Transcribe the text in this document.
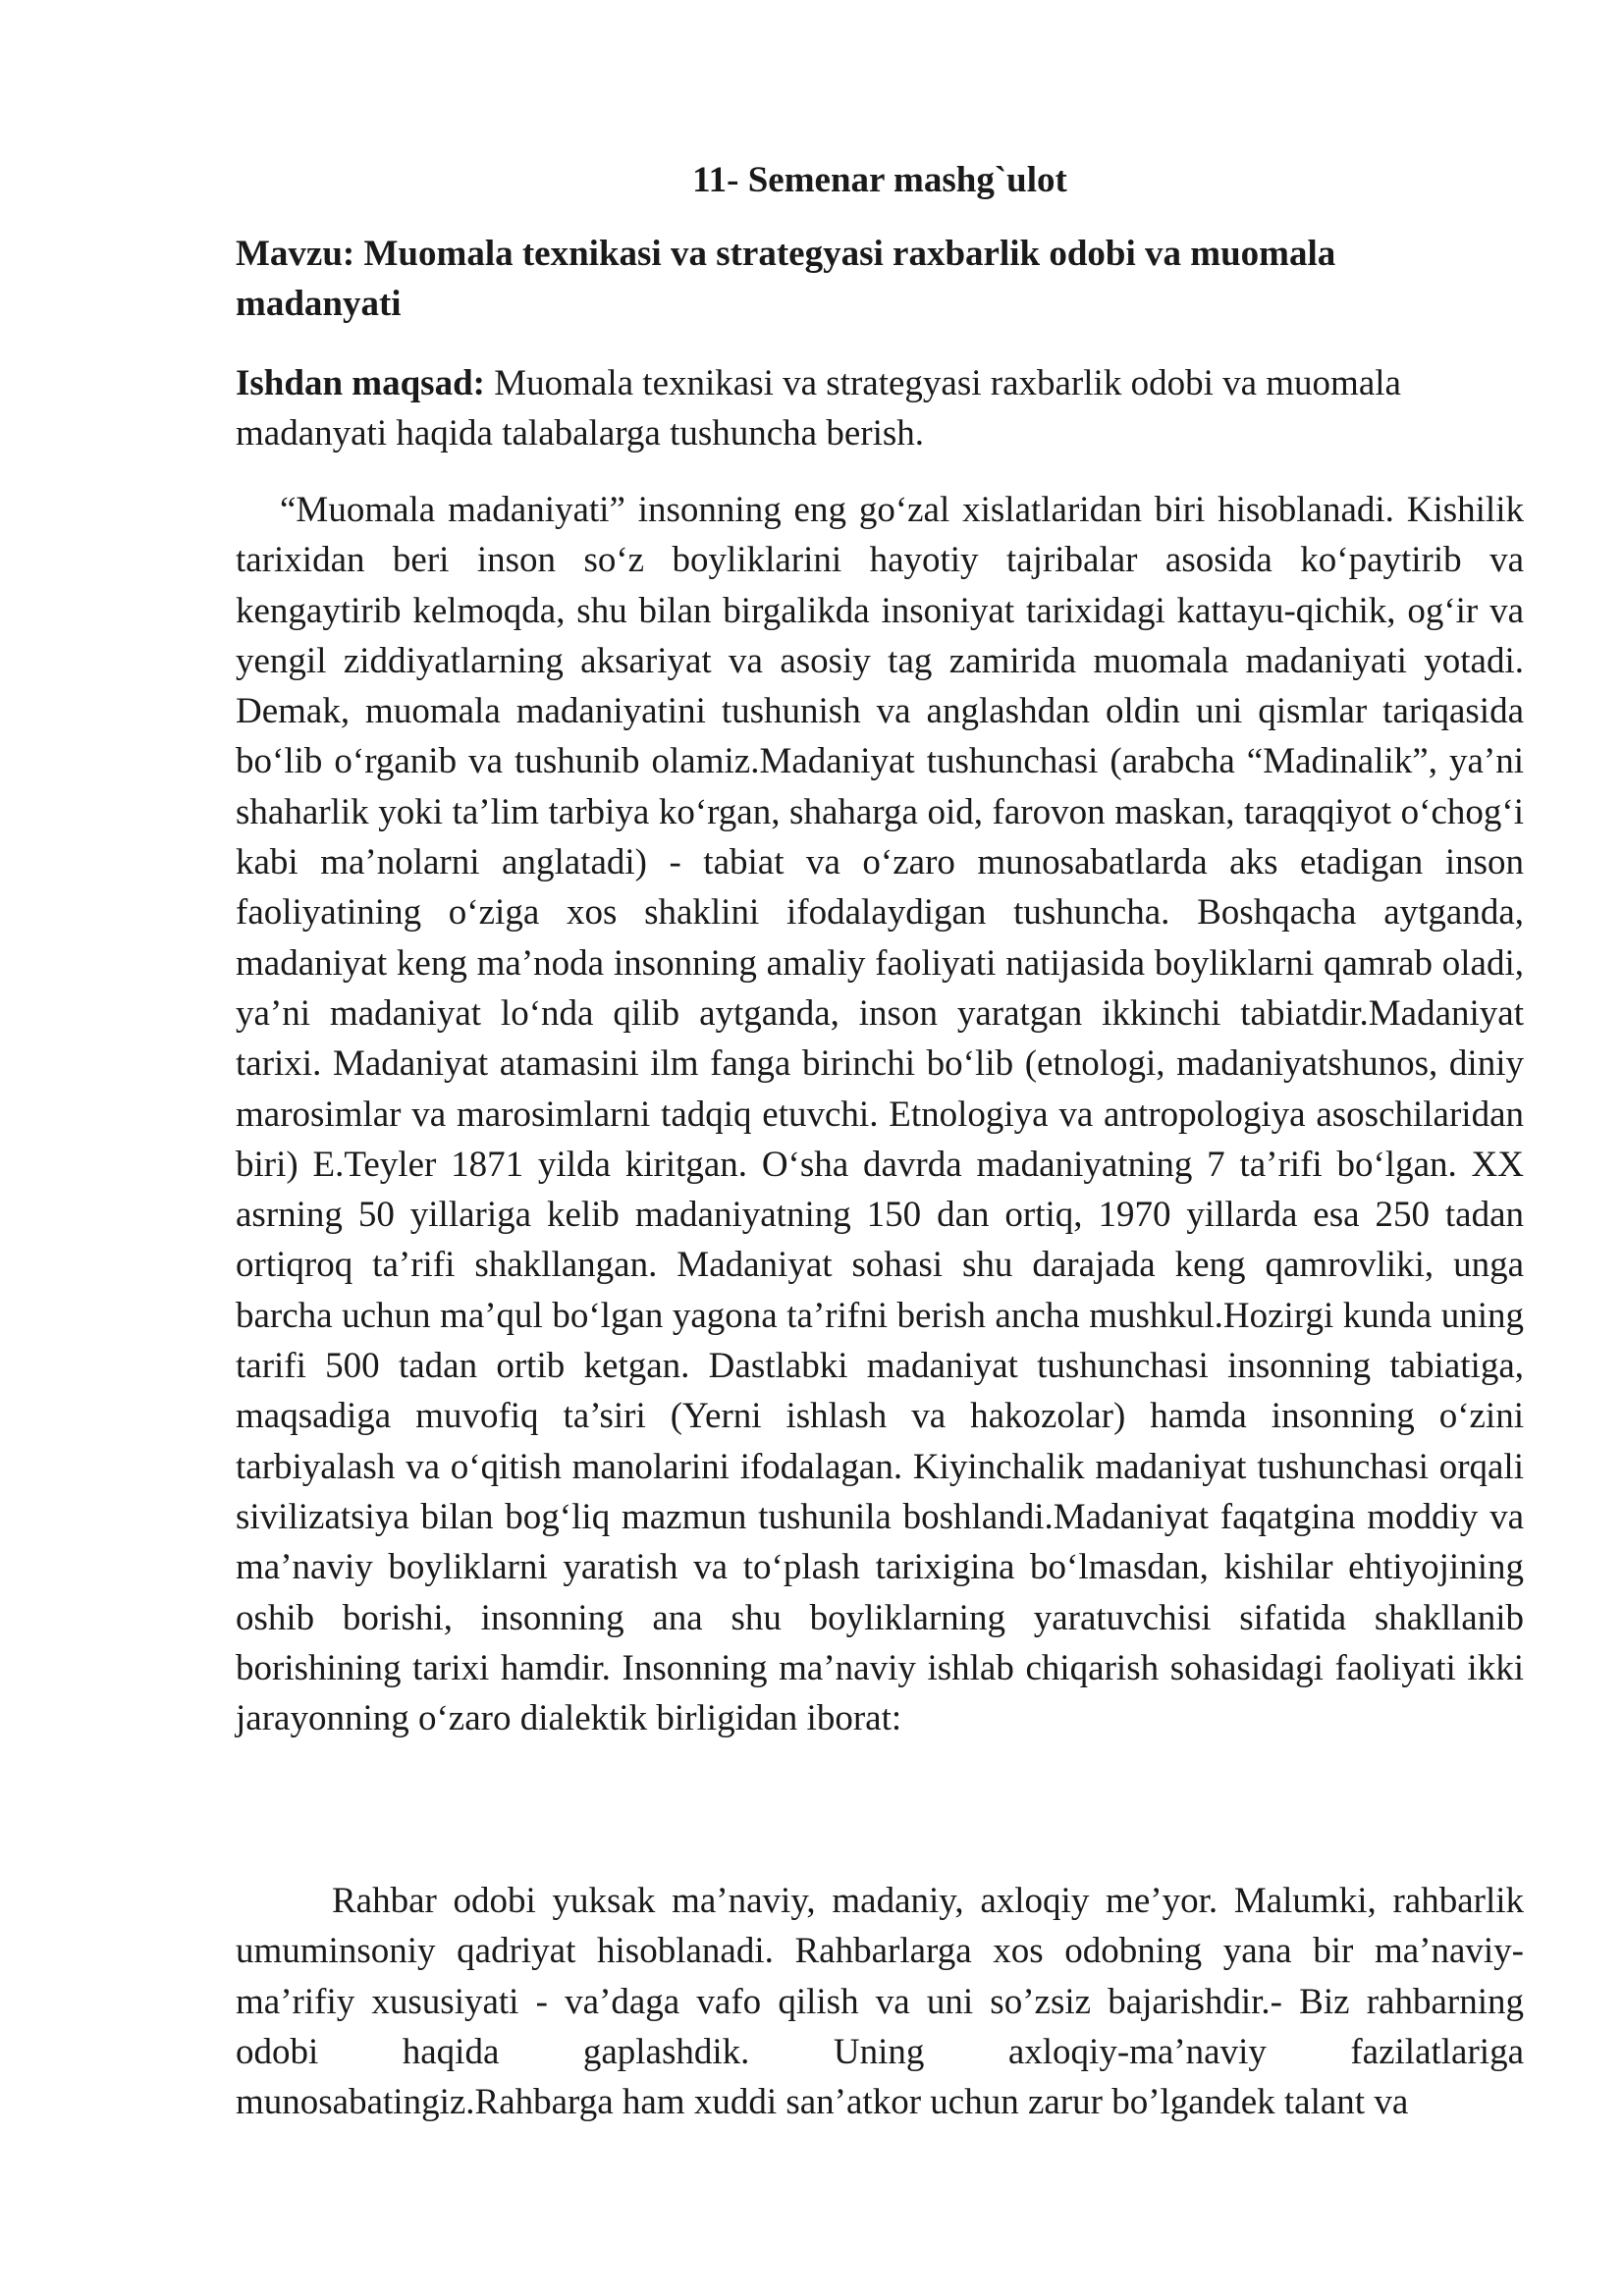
11- Semenar mashg`ulot

Mavzu: Muomala texnikasi va strategyasi raxbarlik odobi va muomala madanyati

Ishdan maqsad: Muomala texnikasi va strategyasi raxbarlik odobi va muomala madanyati haqida talabalarga tushuncha berish.

“Muomala madaniyati” insonning eng go‘zal xislatlaridan biri hisoblanadi. Kishilik tarixidan beri inson so‘z boyliklarini hayotiy tajribalar asosida ko‘paytirib va kengaytirib kelmoqda, shu bilan birgalikda insoniyat tarixidagi kattayu-qichik, og‘ir va yengil ziddiyatlarning aksariyat va asosiy tag zamirida muomala madaniyati yotadi. Demak, muomala madaniyatini tushunish va anglashdan oldin uni qismlar tariqasida bo‘lib o‘rganib va tushunib olamiz.Madaniyat tushunchasi (arabcha “Madinalik”, ya’ni shaharlik yoki ta’lim tarbiya ko‘rgan, shaharga oid, farovon maskan, taraqqiyot o‘chog‘i kabi ma’nolarni anglatadi) - tabiat va o‘zaro munosabatlarda aks etadigan inson faoliyatining o‘ziga xos shaklini ifodalaydigan tushuncha. Boshqacha aytganda, madaniyat keng ma’noda insonning amaliy faoliyati natijasida boyliklarni qamrab oladi, ya’ni madaniyat lo‘nda qilib aytganda, inson yaratgan ikkinchi tabiatdir.Madaniyat tarixi. Madaniyat atamasini ilm fanga birinchi bo‘lib (etnologi, madaniyatshunos, diniy marosimlar va marosimlarni tadqiq etuvchi. Etnologiya va antropologiya asoschilaridan biri) E.Teyler 1871 yilda kiritgan. O‘sha davrda madaniyatning 7 ta’rifi bo‘lgan. XX asrning 50 yillariga kelib madaniyatning 150 dan ortiq, 1970 yillarda esa 250 tadan ortiqroq ta’rifi shakllangan. Madaniyat sohasi shu darajada keng qamrovliki, unga barcha uchun ma’qul bo‘lgan yagona ta’rifni berish ancha mushkul.Hozirgi kunda uning tarifi 500 tadan ortib ketgan. Dastlabki madaniyat tushunchasi insonning tabiatiga, maqsadiga muvofiq ta’siri (Yerni ishlash va hakozolar) hamda insonning o‘zini tarbiyalash va o‘qitish manolarini ifodalagan. Kiyinchalik madaniyat tushunchasi orqali sivilizatsiya bilan bog‘liq mazmun tushunila boshlandi.Madaniyat faqatgina moddiy va ma’naviy boyliklarni yaratish va to‘plash tarixigina bo‘lmasdan, kishilar ehtiyojining oshib borishi, insonning ana shu boyliklarning yaratuvchisi sifatida shakllanib borishining tarixi hamdir. Insonning ma’naviy ishlab chiqarish sohasidagi faoliyati ikki jarayonning o‘zaro dialektik birligidan iborat:

Rahbar odobi yuksak ma’naviy, madaniy, axloqiy me’yor. Malumki, rahbarlik umuminsoniy qadriyat hisoblanadi. Rahbarlarga xos odobning yana bir ma’naviy-ma’rifiy xususiyati - va’daga vafo qilish va uni so’zsiz bajarishdir.- Biz rahbarning odobi haqida gaplashdik. Uning axloqiy-ma’naviy fazilatlariga munosabatingiz.Rahbarga ham xuddi san’atkor uchun zarur bo’lgandek talant va
